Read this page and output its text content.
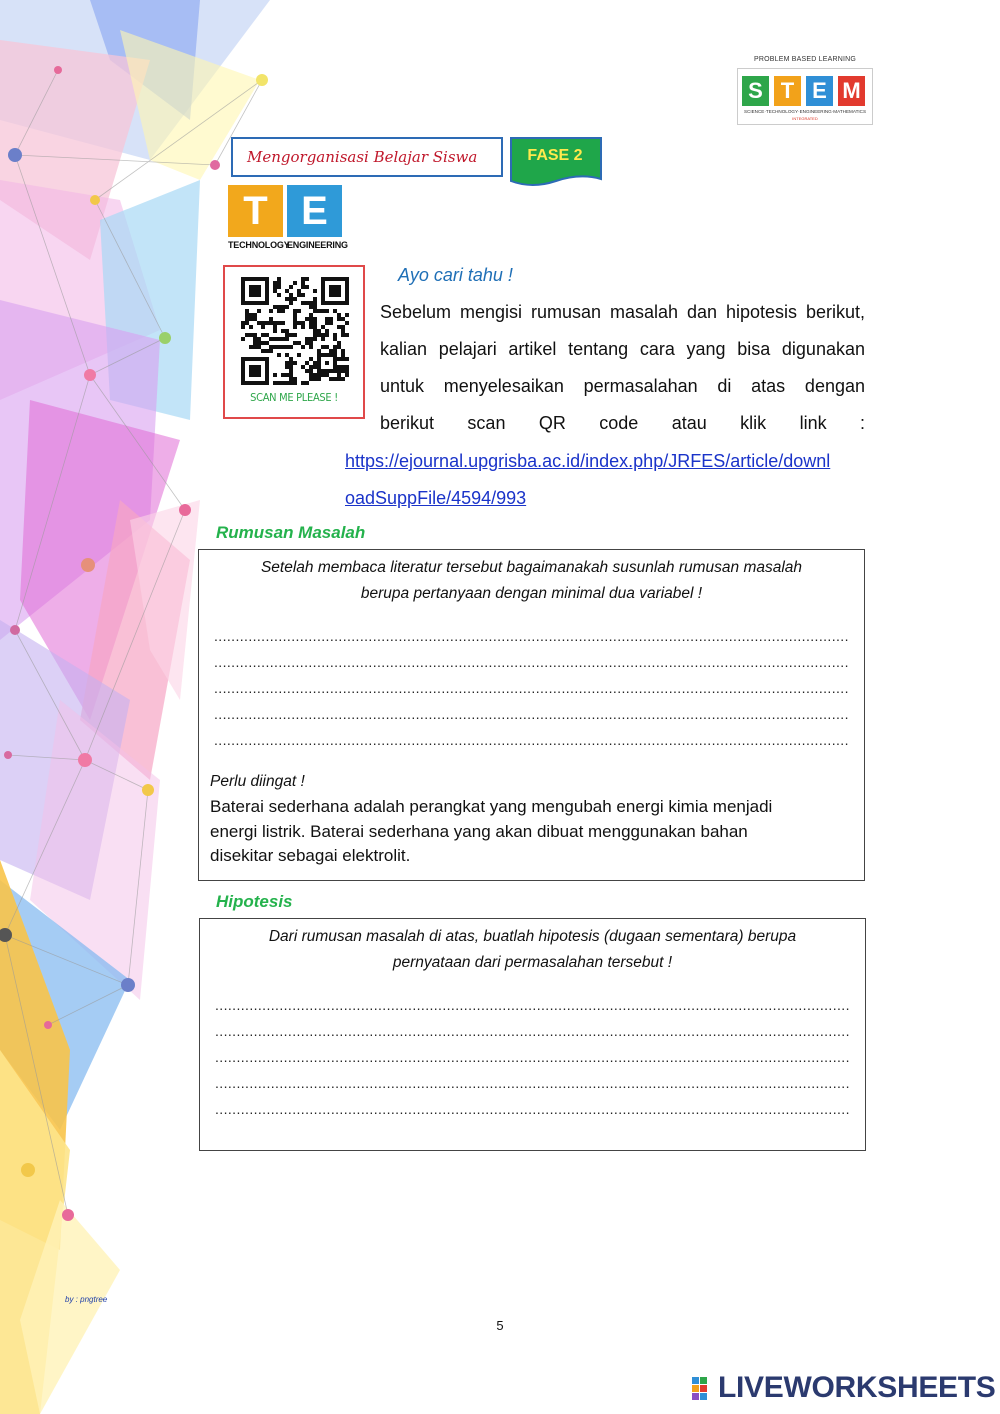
PROBLEM BASED LEARNING
S T E M
SCIENCE·TECHNOLOGY·ENGINEERING·MATHEMATICS
INTEGRATED
Mengorganisasi Belajar Siswa	FASE 2
T E
TECHNOLOGY
ENGINEERING
SCAN ME PLEASE !
Ayo cari tahu !
Sebelum mengisi rumusan masalah dan hipotesis berikut,
kalian pelajari artikel tentang cara yang bisa digunakan
untuk menyelesaikan permasalahan di atas dengan
berikut scan QR code atau klik link :
https://ejournal.upgrisba.ac.id/index.php/JRFES/article/downl
oadSuppFile/4594/993
Rumusan Masalah
Setelah membaca literatur tersebut bagaimanakah susunlah rumusan masalah
berupa pertanyaan dengan minimal dua variabel !
.....
.....
.....
.....
.....
Perlu diingat !
Baterai sederhana adalah perangkat yang mengubah energi kimia menjadi
energi listrik. Baterai sederhana yang akan dibuat menggunakan bahan
disekitar sebagai elektrolit.
Hipotesis
Dari rumusan masalah di atas, buatlah hipotesis (dugaan sementara) berupa
pernyataan dari permasalahan tersebut !
.....
.....
.....
.....
.....
by : pngtree
5
LIVEWORKSHEETS
